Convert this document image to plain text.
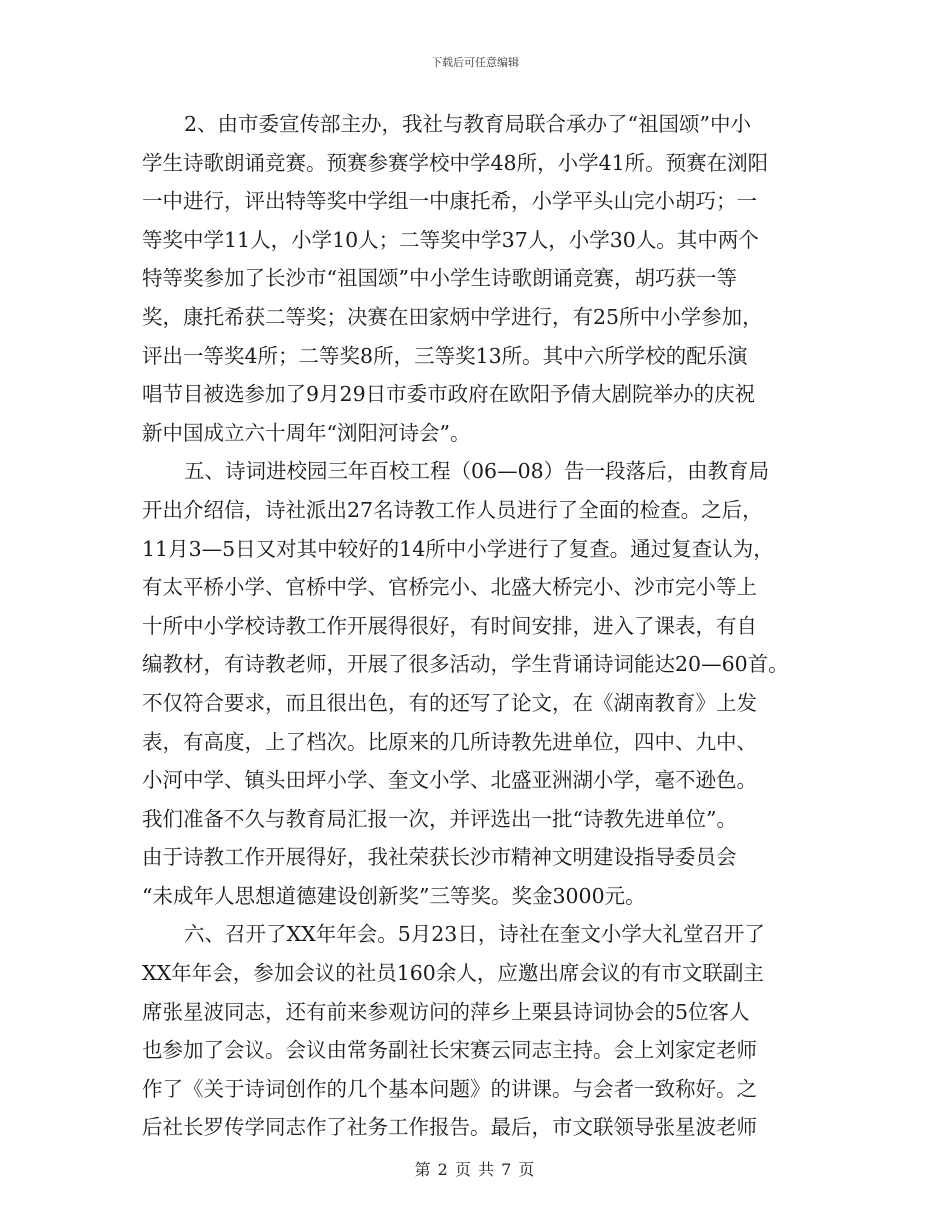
下载后可任意编辑
2、由市委宣传部主办，我社与教育局联合承办了“祖国颂”中小
学生诗歌朗诵竞赛。预赛参赛学校中学48所，小学41所。预赛在浏阳
一中进行，评出特等奖中学组一中康托希，小学平头山完小胡巧；一
等奖中学11人，小学10人；二等奖中学37人，小学30人。其中两个
特等奖参加了长沙市“祖国颂”中小学生诗歌朗诵竞赛，胡巧获一等
奖，康托希获二等奖；决赛在田家炳中学进行，有25所中小学参加，
评出一等奖4所；二等奖8所，三等奖13所。其中六所学校的配乐演
唱节目被选参加了9月29日市委市政府在欧阳予倩大剧院举办的庆祝
新中国成立六十周年“浏阳河诗会”。
五、诗词进校园三年百校工程（06—08）告一段落后，由教育局
开出介绍信，诗社派出27名诗教工作人员进行了全面的检查。之后，
11月3—5日又对其中较好的14所中小学进行了复查。通过复查认为，
有太平桥小学、官桥中学、官桥完小、北盛大桥完小、沙市完小等上
十所中小学校诗教工作开展得很好，有时间安排，进入了课表，有自
编教材，有诗教老师，开展了很多活动，学生背诵诗词能达20—60首。
不仅符合要求，而且很出色，有的还写了论文，在《湖南教育》上发
表，有高度，上了档次。比原来的几所诗教先进单位，四中、九中、
小河中学、镇头田坪小学、奎文小学、北盛亚洲湖小学，毫不逊色。
我们准备不久与教育局汇报一次，并评选出一批“诗教先进单位”。
由于诗教工作开展得好，我社荣获长沙市精神文明建设指导委员会
“未成年人思想道德建设创新奖”三等奖。奖金3000元。
六、召开了XX年年会。5月23日，诗社在奎文小学大礼堂召开了
XX年年会，参加会议的社员160余人，应邀出席会议的有市文联副主
席张星波同志，还有前来参观访问的萍乡上栗县诗词协会的5位客人
也参加了会议。会议由常务副社长宋赛云同志主持。会上刘家定老师
作了《关于诗词创作的几个基本问题》的讲课。与会者一致称好。之
后社长罗传学同志作了社务工作报告。最后，市文联领导张星波老师
第 2 页 共 7 页
